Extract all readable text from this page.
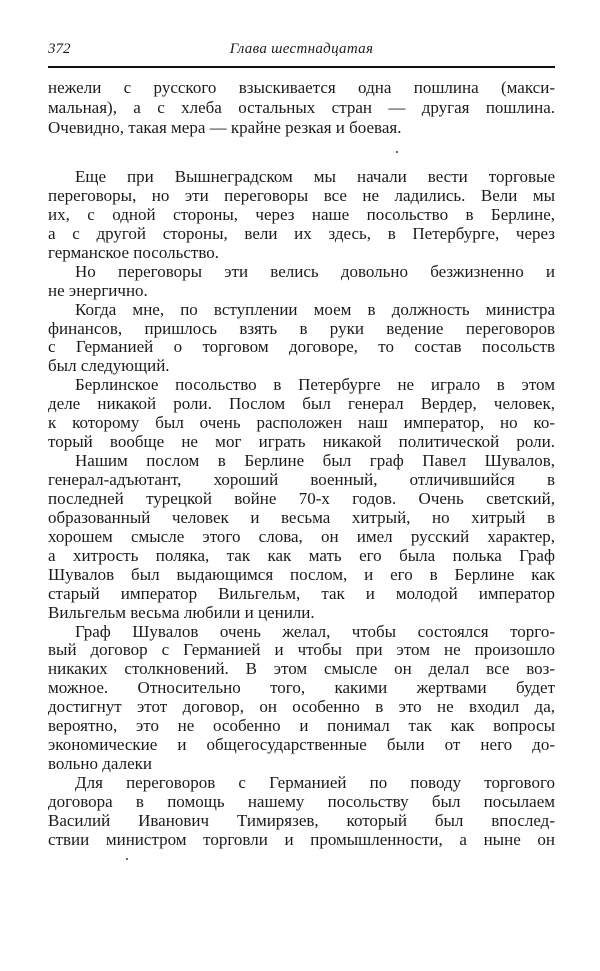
372	Глава шестнадцатая
нежели с русского взыскивается одна пошлина (макси-
мальная), а с хлеба остальных стран — другая пошлина.
Очевидно, такая мера — крайне резкая и боевая.
Еще при Вышнеградском мы начали вести торговые
переговоры, но эти переговоры все не ладились. Вели мы
их, с одной стороны, через наше посольство в Берлине,
а с другой стороны, вели их здесь, в Петербурге, через
германское посольство.
Но переговоры эти велись довольно безжизненно и
не энергично.
Когда мне, по вступлении моем в должность министра
финансов, пришлось взять в руки ведение переговоров
с Германией о торговом договоре, то состав посольств
был следующий.
Берлинское посольство в Петербурге не играло в этом
деле никакой роли. Послом был генерал Вердер, человек,
к которому был очень расположен наш император, но ко-
торый вообще не мог играть никакой политической роли.
Нашим послом в Берлине был граф Павел Шувалов,
генерал-адъютант, хороший военный, отличившийся в
последней турецкой войне 70-х годов. Очень светский,
образованный человек и весьма хитрый, но хитрый в
хорошем смысле этого слова, он имел русский характер,
а хитрость поляка, так как мать его была полька Граф
Шувалов был выдающимся послом, и его в Берлине как
старый император Вильгельм, так и молодой император
Вильгельм весьма любили и ценили.
Граф Шувалов очень желал, чтобы состоялся торго-
вый договор с Германией и чтобы при этом не произошло
никаких столкновений. В этом смысле он делал все воз-
можное. Относительно того, какими жертвами будет
достигнут этот договор, он особенно в это не входил да,
вероятно, это не особенно и понимал так как вопросы
экономические и общегосударственные были от него до-
вольно далеки
Для переговоров с Германией по поводу торгового
договора в помощь нашему посольству был посылаем
Василий Иванович Тимирязев, который был впослед-
ствии министром торговли и промышленности, а ныне он
